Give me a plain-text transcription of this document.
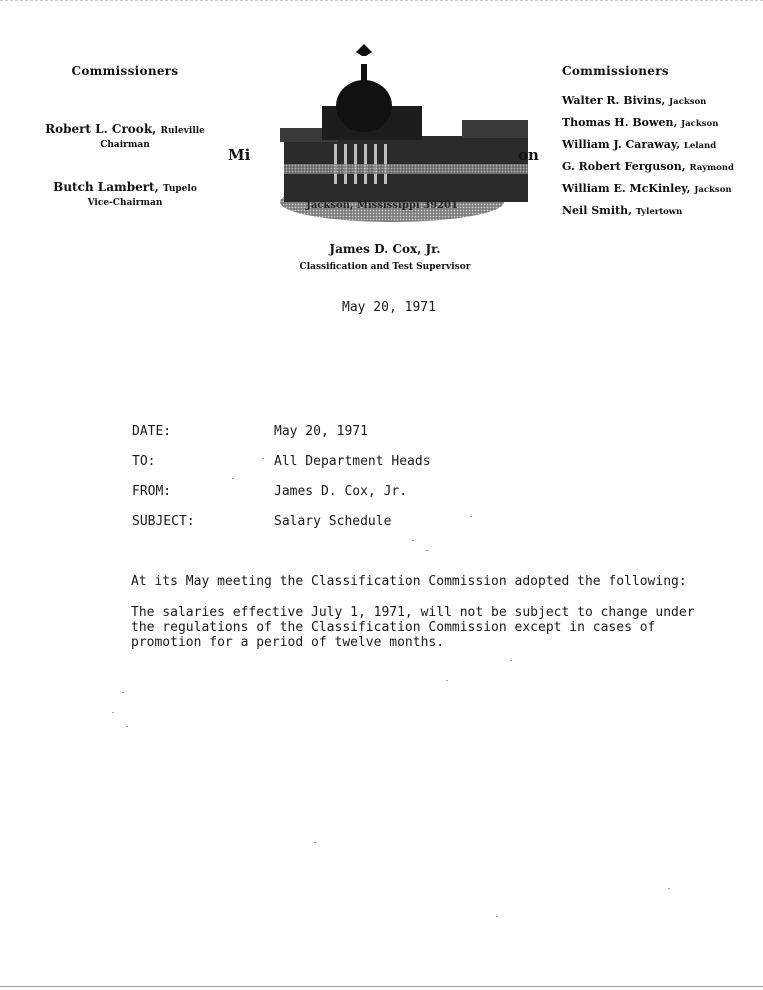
Commissioners
Robert L. Crook, Ruleville
Chairman
Butch Lambert, Tupelo
Vice-Chairman
Mi	on
Jackson, Mississippi 39201
Commissioners
Walter R. Bivins, Jackson
Thomas H. Bowen, Jackson
William J. Caraway, Leland
G. Robert Ferguson, Raymond
William E. McKinley, Jackson
Neil Smith, Tylertown
James D. Cox, Jr.
Classification and Test Supervisor
May 20, 1971
DATE:	May 20, 1971
TO:	All Department Heads
FROM:	James D. Cox, Jr.
SUBJECT:	Salary Schedule
At its May meeting the Classification Commission adopted the following:
The salaries effective July 1, 1971, will not be subject to change under
the regulations of the Classification Commission except in cases of
promotion for a period of twelve months.
